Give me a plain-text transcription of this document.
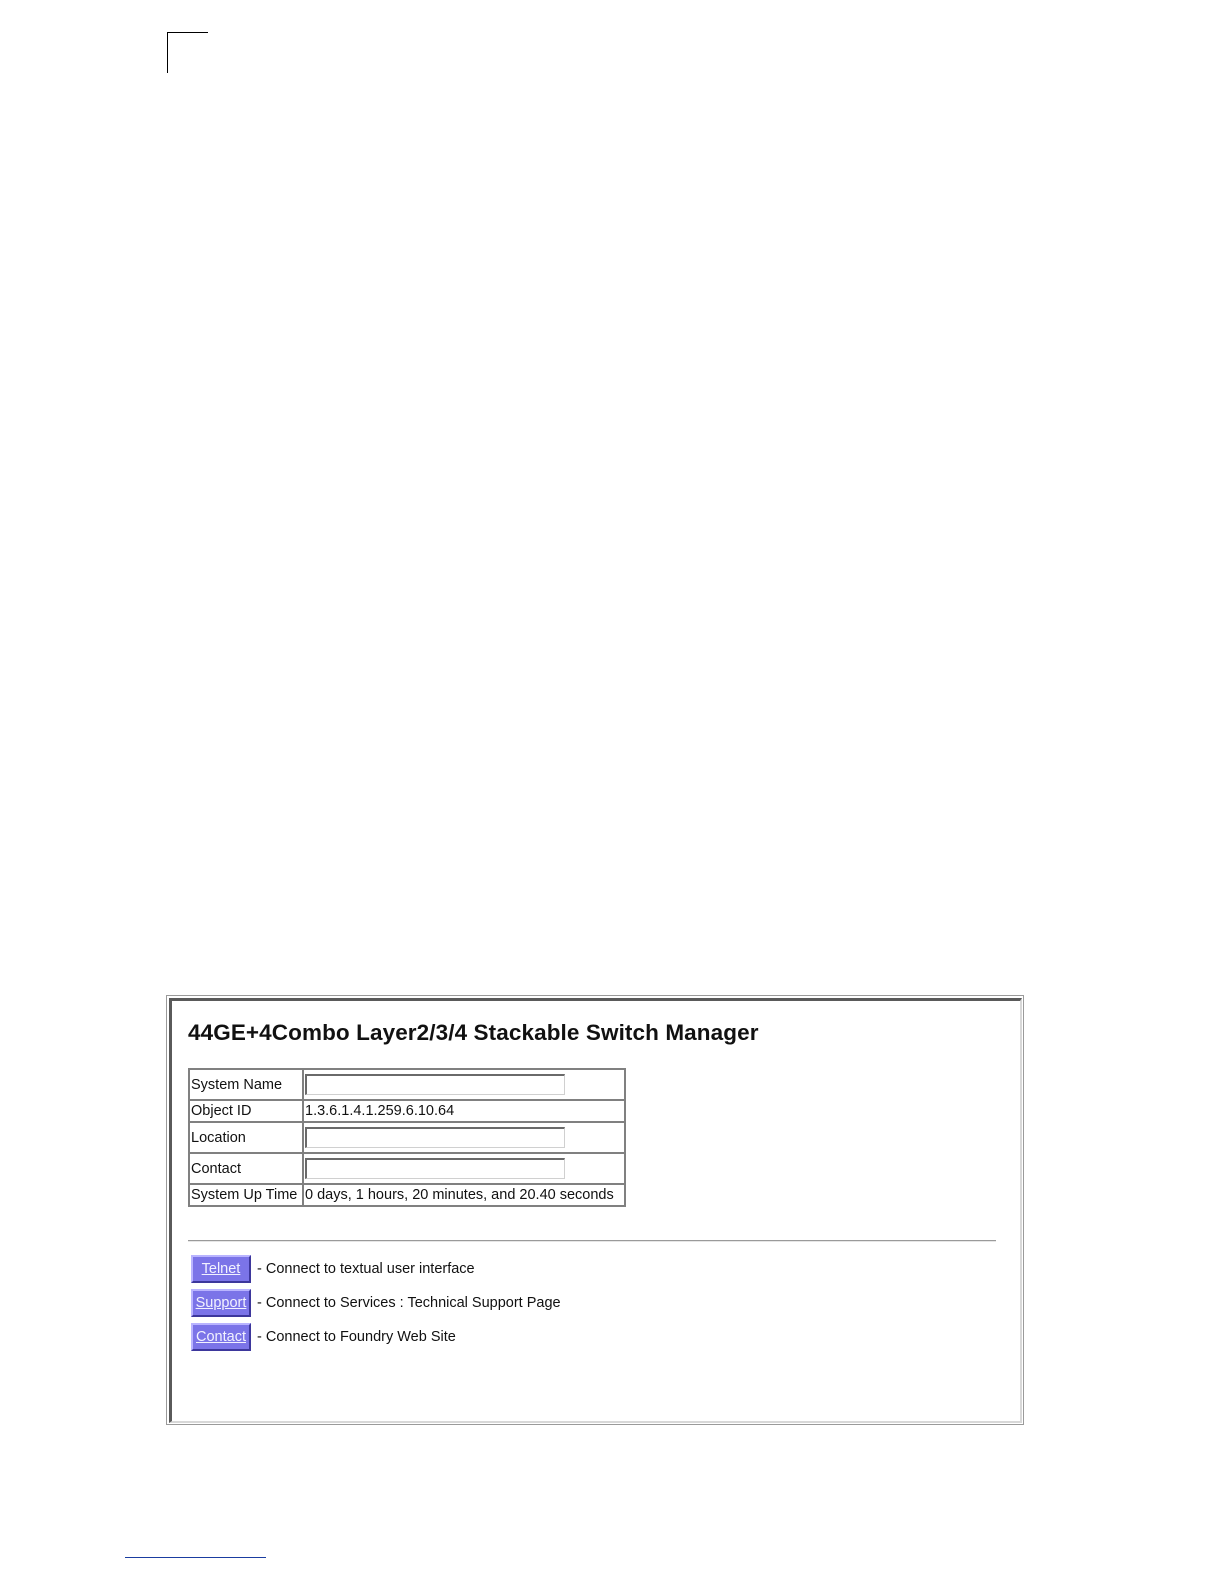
44GE+4Combo Layer2/3/4 Stackable Switch Manager
System Name	

Object ID	1.3.6.1.4.1.259.6.10.64
Location	

Contact	

System Up Time	0 days, 1 hours, 20 minutes, and 20.40 seconds
Telnet	- Connect to textual user interface
Support - Connect to Services : Technical Support Page
Contact - Connect to Foundry Web Site
